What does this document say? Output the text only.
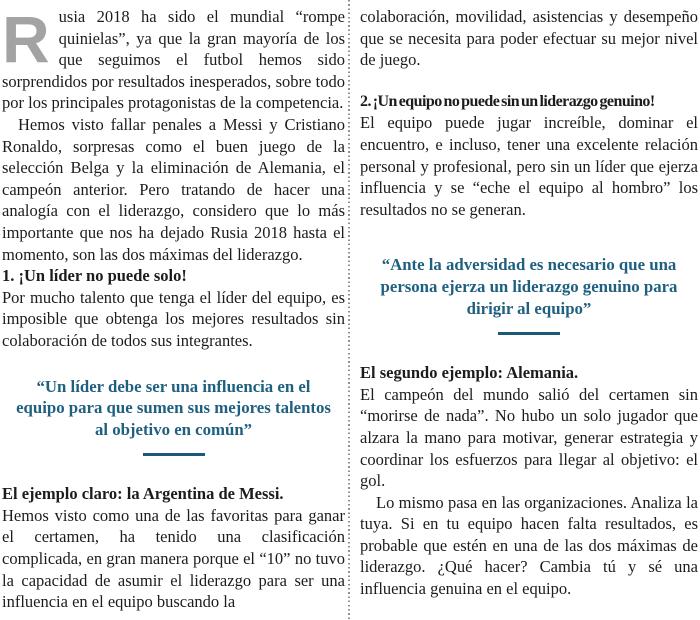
Rusia 2018 ha sido el mundial “rompe quinielas”, ya que la gran mayoría de los que seguimos el futbol hemos sido sorprendidos por resultados inesperados, sobre todo por los principales protagonistas de la competencia.

Hemos visto fallar penales a Messi y Cristiano Ronaldo, sorpresas como el buen juego de la selección Belga y la eliminación de Alemania, el campeón anterior. Pero tratando de hacer una analogía con el liderazgo, considero que lo más importante que nos ha dejado Rusia 2018 hasta el momento, son las dos máximas del liderazgo.

1. ¡Un líder no puede solo!

Por mucho talento que tenga el líder del equipo, es imposible que obtenga los mejores resultados sin colaboración de todos sus integrantes.

“Un líder debe ser una influencia en el equipo para que sumen sus mejores talentos al objetivo en común”

El ejemplo claro: la Argentina de Messi.

Hemos visto como una de las favoritas para ganar el certamen, ha tenido una clasificación complicada, en gran manera porque el “10” no tuvo la capacidad de asumir el liderazgo para ser una influencia en el equipo buscando la

colaboración, movilidad, asistencias y desempeño que se necesita para poder efectuar su mejor nivel de juego.

2. ¡Un equipo no puede sin un liderazgo genuino!

El equipo puede jugar increíble, dominar el encuentro, e incluso, tener una excelente relación personal y profesional, pero sin un líder que ejerza influencia y se “eche el equipo al hombro” los resultados no se generan.

“Ante la adversidad es necesario que una persona ejerza un liderazgo genuino para dirigir al equipo”

El segundo ejemplo: Alemania.

El campeón del mundo salió del certamen sin “morirse de nada”. No hubo un solo jugador que alzara la mano para motivar, generar estrategia y coordinar los esfuerzos para llegar al objetivo: el gol.

Lo mismo pasa en las organizaciones. Analiza la tuya. Si en tu equipo hacen falta resultados, es probable que estén en una de las dos máximas de liderazgo. ¿Qué hacer? Cambia tú y sé una influencia genuina en el equipo.
